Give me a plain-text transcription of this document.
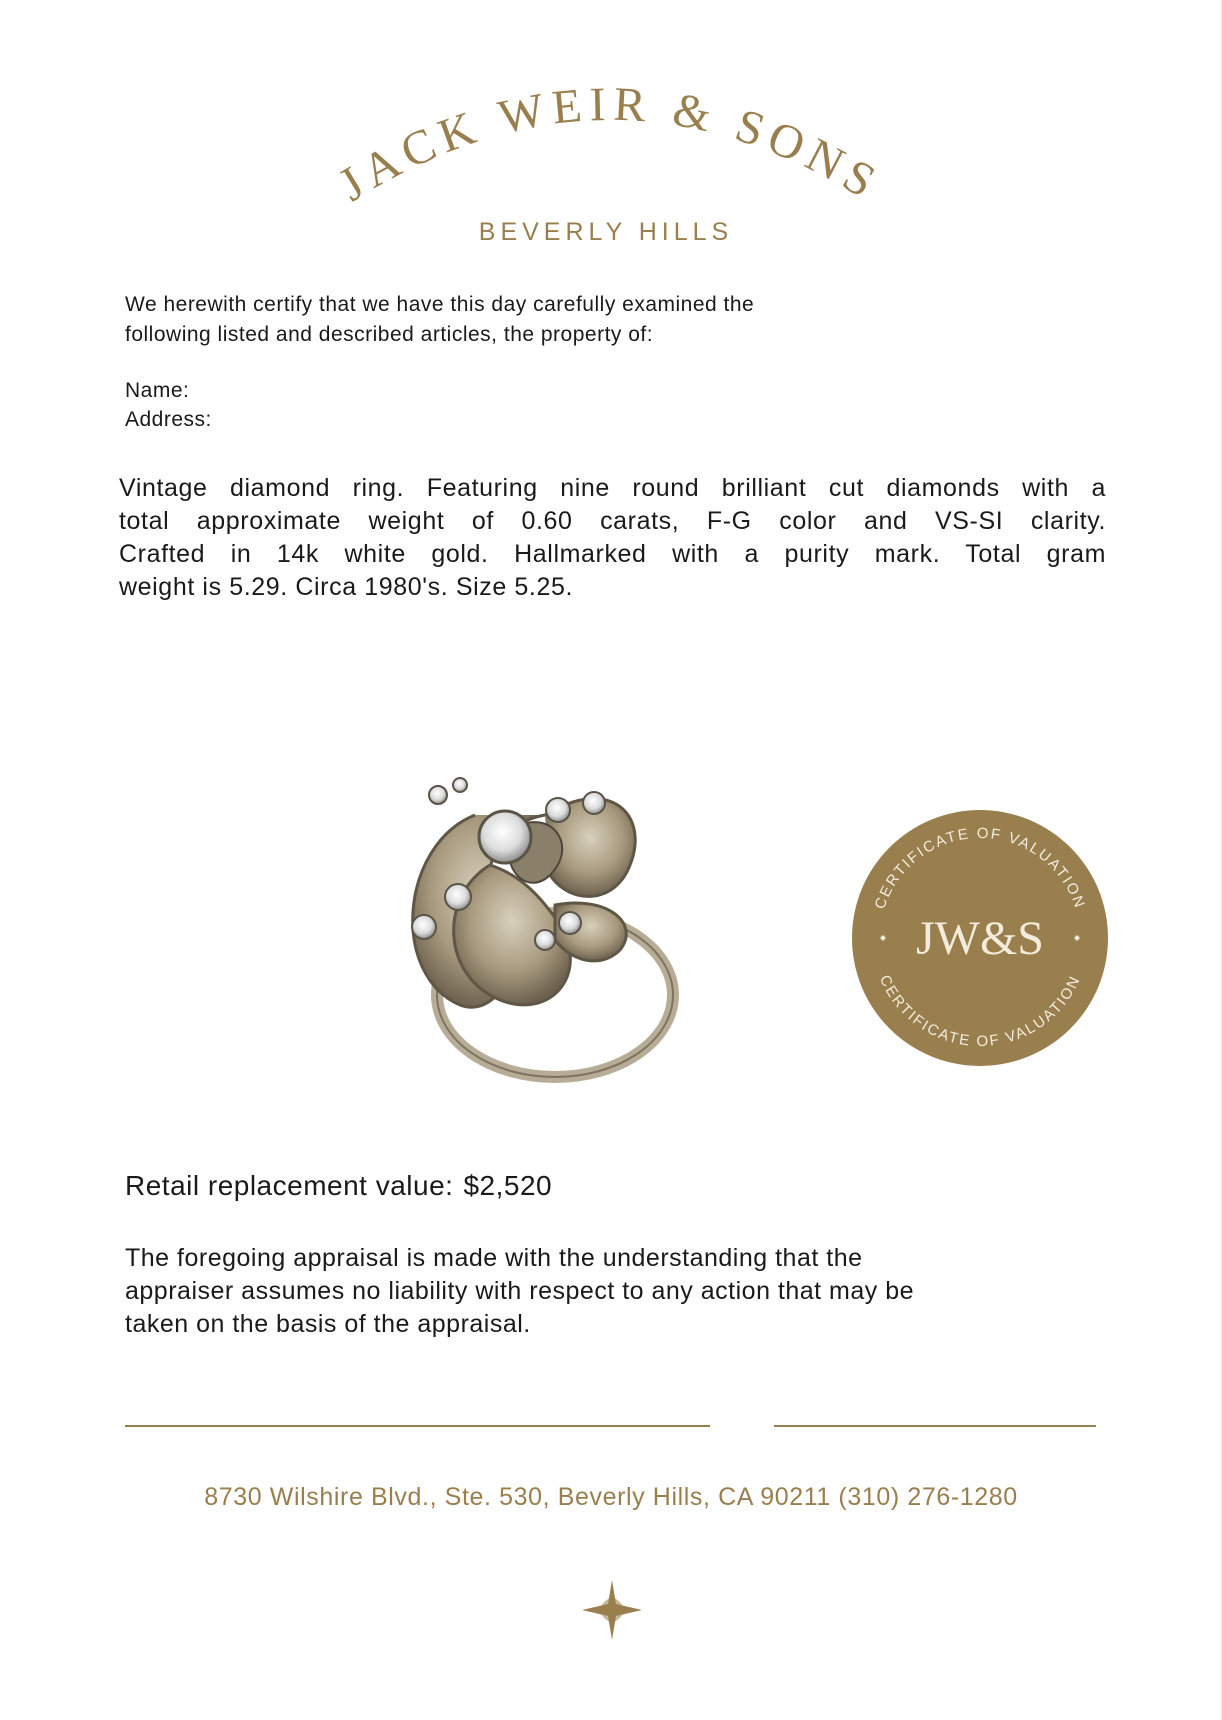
JACK WEIR & SONS
BEVERLY HILLS
We herewith certify that we have this day carefully examined the
following listed and described articles, the property of:
Name:
Address:
Vintage diamond ring. Featuring nine round brilliant cut diamonds with a
total approximate weight of 0.60 carats, F-G color and VS-SI clarity.
Crafted in 14k white gold. Hallmarked with a purity mark. Total gram
weight is 5.29. Circa 1980's. Size 5.25.
CERTIFICATE OF VALUATION
CERTIFICATE OF VALUATION
JW&S
Retail replacement value: $2,520
The foregoing appraisal is made with the understanding that the
appraiser assumes no liability with respect to any action that may be
taken on the basis of the appraisal.
8730 Wilshire Blvd., Ste. 530, Beverly Hills, CA 90211 (310) 276-1280
